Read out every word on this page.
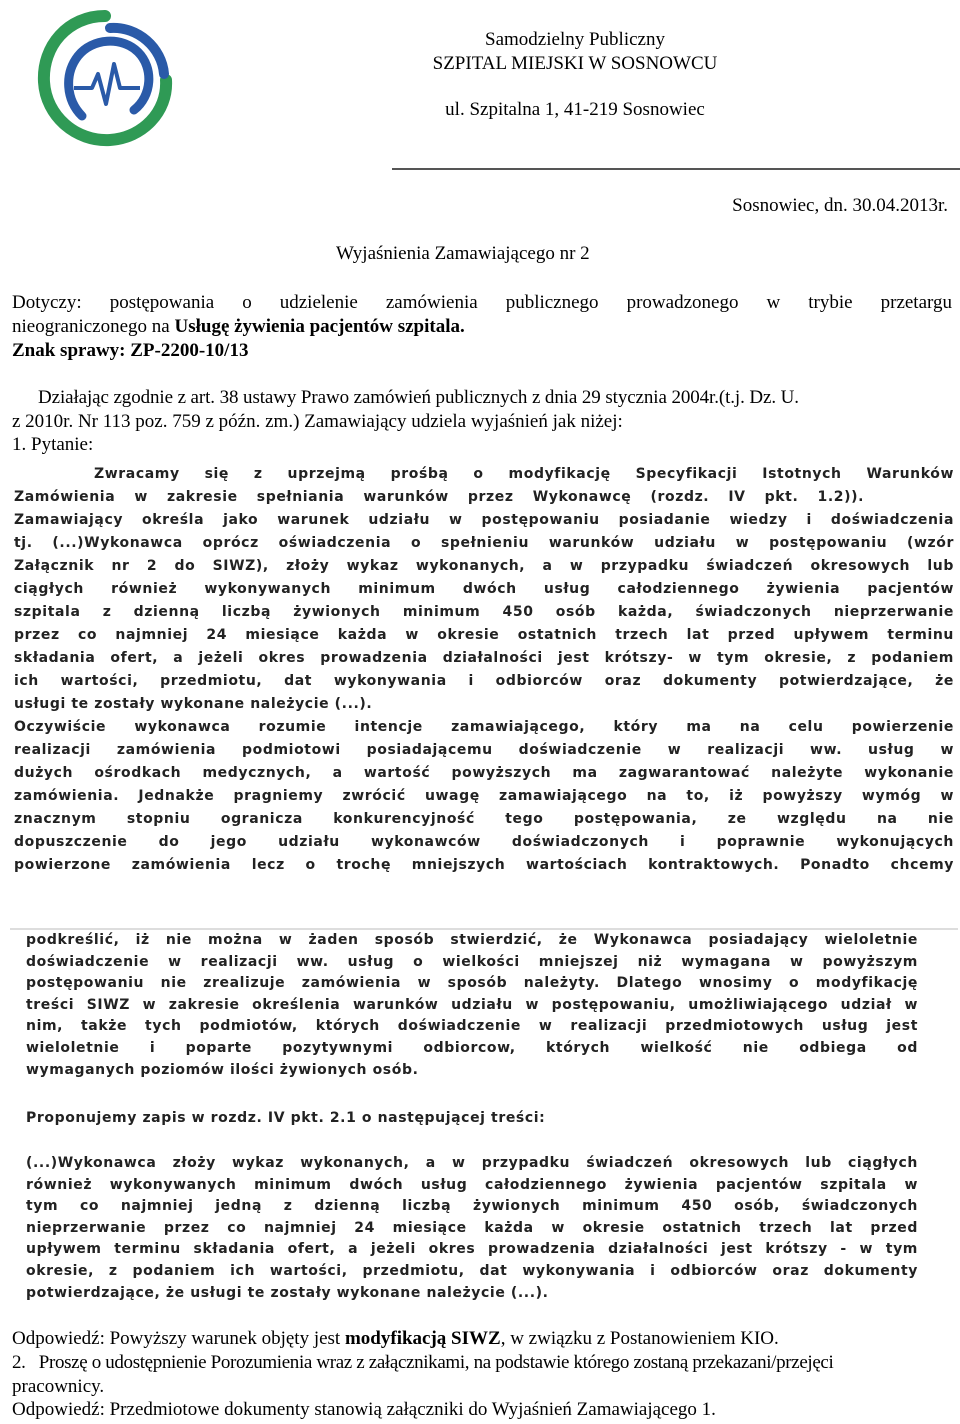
Samodzielny Publiczny
SZPITAL MIEJSKI W SOSNOWCU
ul. Szpitalna 1, 41-219 Sosnowiec
Sosnowiec, dn. 30.04.2013r.
Wyjaśnienia Zamawiającego nr 2
Dotyczy: postępowania o udzielenie zamówienia publicznego prowadzonego w trybie przetargu
nieograniczonego na Usługę żywienia pacjentów szpitala.
Znak sprawy: ZP-2200-10/13
Działając zgodnie z art. 38 ustawy Prawo zamówień publicznych z dnia 29 stycznia 2004r.(t.j. Dz. U.
z 2010r. Nr 113 poz. 759 z późn. zm.) Zamawiający udziela wyjaśnień jak niżej:
1. Pytanie:
Zwracamy się z uprzejmą prośbą o modyfikację Specyfikacji Istotnych Warunków
Zamówienia w zakresie spełniania warunków przez Wykonawcę (rozdz. IV pkt. 1.2)).
Zamawiający określa jako warunek udziału w postępowaniu posiadanie wiedzy i doświadczenia
tj. (...)Wykonawca oprócz oświadczenia o spełnieniu warunków udziału w postępowaniu (wzór
Załącznik nr 2 do SIWZ), złoży wykaz wykonanych, a w przypadku świadczeń okresowych lub
ciągłych również wykonywanych minimum dwóch usług całodziennego żywienia pacjentów
szpitala z dzienną liczbą żywionych minimum 450 osób każda, świadczonych nieprzerwanie
przez co najmniej 24 miesiące każda w okresie ostatnich trzech lat przed upływem terminu
składania ofert, a jeżeli okres prowadzenia działalności jest krótszy- w tym okresie, z podaniem
ich wartości, przedmiotu, dat wykonywania i odbiorców oraz dokumenty potwierdzające, że
usługi te zostały wykonane należycie (...).
Oczywiście wykonawca rozumie intencje zamawiającego, który ma na celu powierzenie
realizacji zamówienia podmiotowi posiadającemu doświadczenie w realizacji ww. usług w
dużych ośrodkach medycznych, a wartość powyższych ma zagwarantować należyte wykonanie
zamówienia. Jednakże pragniemy zwrócić uwagę zamawiającego na to, iż powyższy wymóg w
znacznym stopniu ogranicza konkurencyjność tego postępowania, ze względu na nie
dopuszczenie do jego udziału wykonawców doświadczonych i poprawnie wykonujących
powierzone zamówienia lecz o trochę mniejszych wartościach kontraktowych. Ponadto chcemy
podkreślić, iż nie można w żaden sposób stwierdzić, że Wykonawca posiadający wieloletnie
doświadczenie w realizacji ww. usług o wielkości mniejszej niż wymagana w powyższym
postępowaniu nie zrealizuje zamówienia w sposób należyty. Dlatego wnosimy o modyfikację
treści SIWZ w zakresie określenia warunków udziału w postępowaniu, umożliwiającego udział w
nim, także tych podmiotów, których doświadczenie w realizacji przedmiotowych usług jest
wieloletnie i poparte pozytywnymi odbiorcow, których wielkość nie odbiega od
wymaganych poziomów ilości żywionych osób.
Proponujemy zapis w rozdz. IV pkt. 2.1 o następującej treści:
(...)Wykonawca złoży wykaz wykonanych, a w przypadku świadczeń okresowych lub ciągłych
również wykonywanych minimum dwóch usług całodziennego żywienia pacjentów szpitala w
tym co najmniej jedną z dzienną liczbą żywionych minimum 450 osób, świadczonych
nieprzerwanie przez co najmniej 24 miesiące każda w okresie ostatnich trzech lat przed
upływem terminu składania ofert, a jeżeli okres prowadzenia działalności jest krótszy - w tym
okresie, z podaniem ich wartości, przedmiotu, dat wykonywania i odbiorców oraz dokumenty
potwierdzające, że usługi te zostały wykonane należycie (...).
Odpowiedź: Powyższy warunek objęty jest modyfikacją SIWZ, w związku z Postanowieniem KIO.
2.   Proszę o udostępnienie Porozumienia wraz z załącznikami, na podstawie którego zostaną przekazani/przejęci
pracownicy.
Odpowiedź: Przedmiotowe dokumenty stanowią załączniki do Wyjaśnień Zamawiającego 1.
